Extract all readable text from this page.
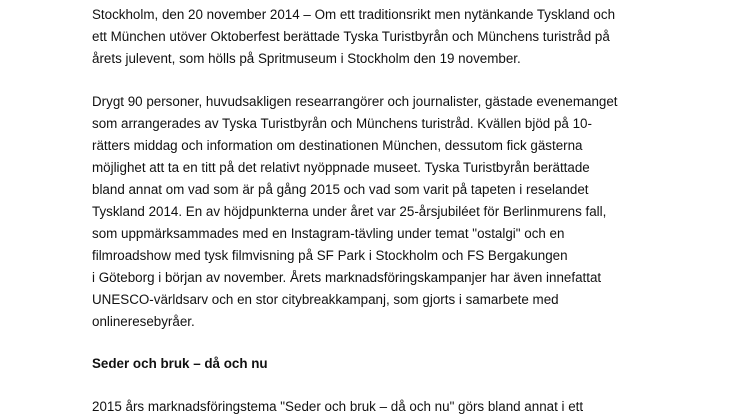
Stockholm, den 20 november 2014 – Om ett traditionsrikt men nytänkande Tyskland och
ett München utöver Oktoberfest berättade Tyska Turistbyrån och Münchens turistråd på
årets julevent, som hölls på Spritmuseum i Stockholm den 19 november.
Drygt 90 personer, huvudsakligen researrangörer och journalister, gästade evenemanget
som arrangerades av Tyska Turistbyrån och Münchens turistråd. Kvällen bjöd på 10-
rätters middag och information om destinationen München, dessutom fick gästerna
möjlighet att ta en titt på det relativt nyöppnade museet. Tyska Turistbyrån berättade
bland annat om vad som är på gång 2015 och vad som varit på tapeten i reselandet
Tyskland 2014. En av höjdpunkterna under året var 25-årsjubiléet för Berlinmurens fall,
som uppmärksammades med en Instagram-tävling under temat "ostalgi" och en
filmroadshow med tysk filmvisning på SF Park i Stockholm och FS Bergakungen
i Göteborg i början av november. Årets marknadsföringskampanjer har även innefattat
UNESCO-världsarv och en stor citybreakkampanj, som gjorts i samarbete med
onlineresebyråer.
Seder och bruk – då och nu
2015 års marknadsföringstema "Seder och bruk – då och nu" görs bland annat i ett
